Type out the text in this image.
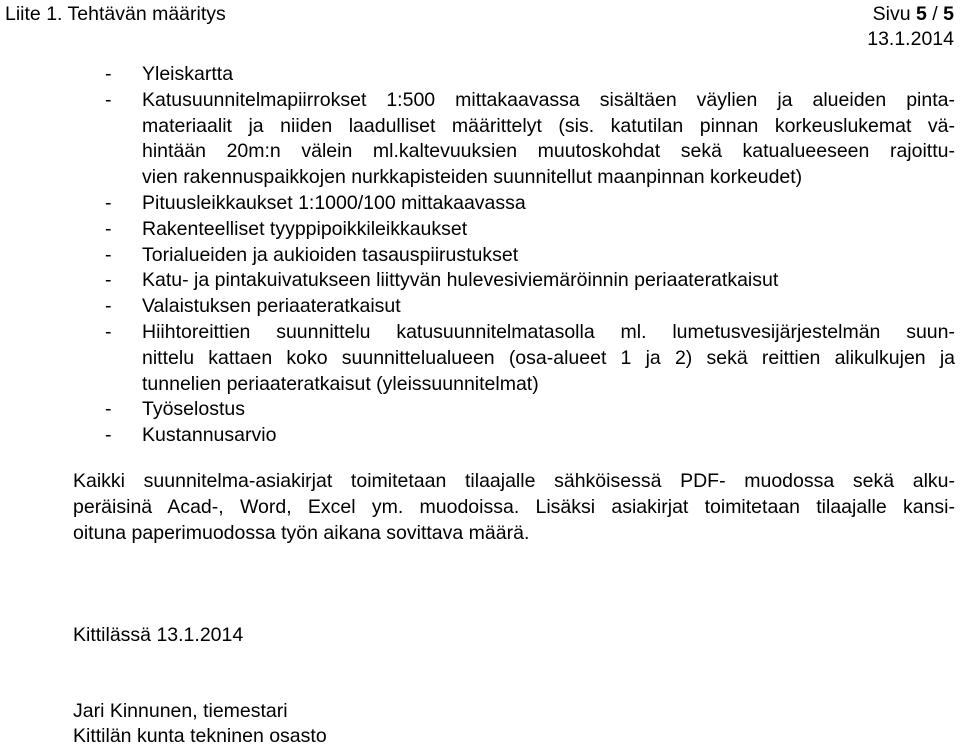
Liite 1. Tehtävän määritys	Sivu 5 / 5
13.1.2014
- Yleiskartta
- Katusuunnitelmapiirrokset 1:500 mittakaavassa sisältäen väylien ja alueiden pinta-
materiaalit ja niiden laadulliset määrittelyt (sis. katutilan pinnan korkeuslukemat vä-
hintään 20m:n välein ml.kaltevuuksien muutoskohdat sekä katualueeseen rajoittu-
vien rakennuspaikkojen nurkkapisteiden suunnitellut maanpinnan korkeudet)
- Pituusleikkaukset 1:1000/100 mittakaavassa
- Rakenteelliset tyyppipoikkileikkaukset
- Torialueiden ja aukioiden tasauspiirustukset
- Katu- ja pintakuivatukseen liittyvän hulevesiviemäröinnin periaateratkaisut
- Valaistuksen periaateratkaisut
- Hiihtoreittien suunnittelu katusuunnitelmatasolla ml. lumetusvesijärjestelmän suun-
nittelu kattaen koko suunnittelualueen (osa-alueet 1 ja 2) sekä reittien alikulkujen ja
tunnelien periaateratkaisut (yleissuunnitelmat)
- Työselostus
- Kustannusarvio
Kaikki suunnitelma-asiakirjat toimitetaan tilaajalle sähköisessä PDF- muodossa sekä alku-
peräisinä Acad-, Word, Excel ym. muodoissa. Lisäksi asiakirjat toimitetaan tilaajalle kansi-
oituna paperimuodossa työn aikana sovittava määrä.
Kittilässä 13.1.2014
Jari Kinnunen, tiemestari
Kittilän kunta tekninen osasto
